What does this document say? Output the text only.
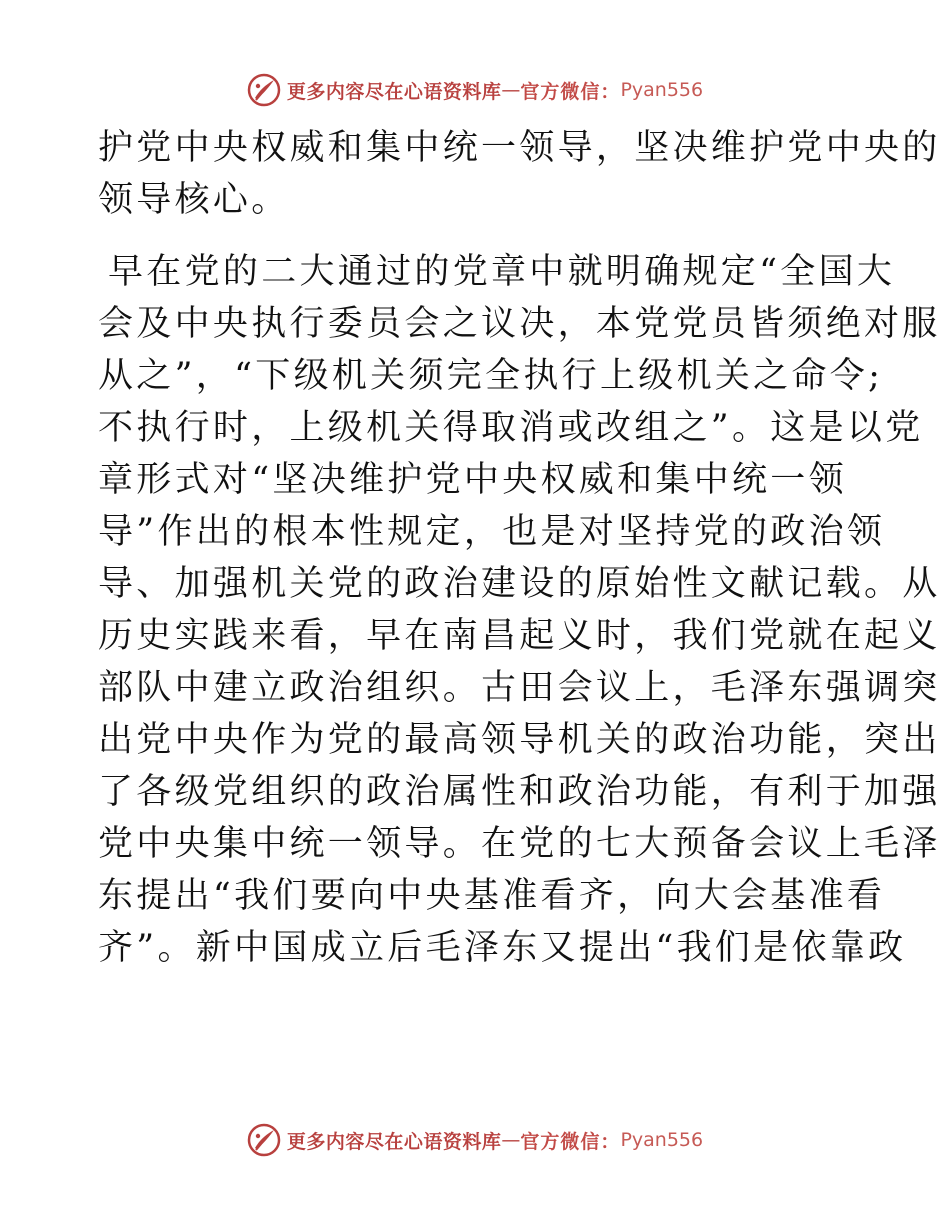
更多内容尽在心语资料库 — 官方微信： Pyan556
护党中央权威和集中统一领导，坚决维护党中央的
领导核心。
早在党的二大通过的党章中就明确规定“全国大
会及中央执行委员会之议决，本党党员皆须绝对服
从之”，“下级机关须完全执行上级机关之命令;
不执行时，上级机关得取消或改组之”。这是以党
章形式对“坚决维护党中央权威和集中统一领
导”作出的根本性规定，也是对坚持党的政治领
导、加强机关党的政治建设的原始性文献记载。从
历史实践来看，早在南昌起义时，我们党就在起义
部队中建立政治组织。古田会议上，毛泽东强调突
出党中央作为党的最高领导机关的政治功能，突出
了各级党组织的政治属性和政治功能，有利于加强
党中央集中统一领导。在党的七大预备会议上毛泽
东提出“我们要向中央基准看齐，向大会基准看
齐”。新中国成立后毛泽东又提出“我们是依靠政
更多内容尽在心语资料库 — 官方微信： Pyan556
